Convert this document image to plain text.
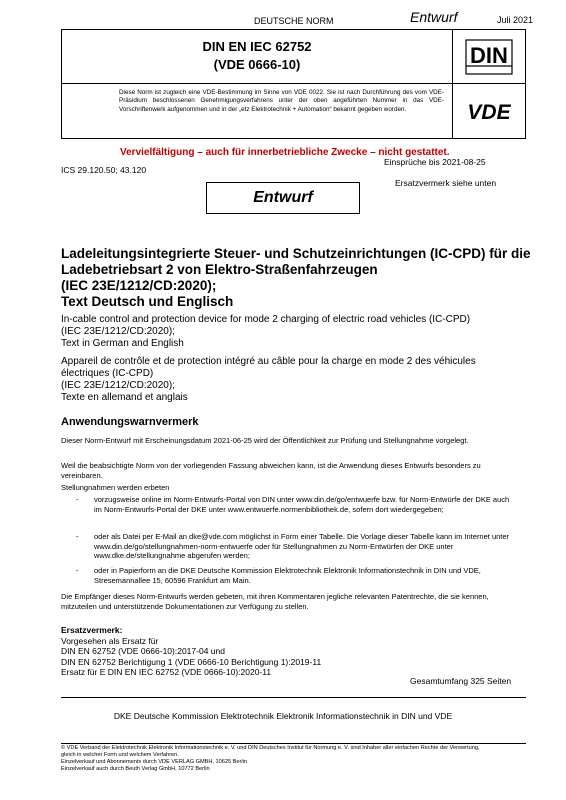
DEUTSCHE NORM	Entwurf	Juli 2021
DIN EN IEC 62752
(VDE 0666-10)	DIN
VDE
Diese Norm ist zugleich eine VDE-Bestimmung im Sinne von VDE 0022. Sie ist nach Durchführung des vom VDE-Präsidium beschlossenen Genehmigungsverfahrens unter der oben angeführten Nummer in das VDE-Vorschriftenwerk aufgenommen und in der „etz Elektrotechnik + Automation“ bekannt gegeben worden.
Vervielfältigung – auch für innerbetriebliche Zwecke – nicht gestattet.
Einsprüche bis 2021-08-25
ICS 29.120.50; 43.120
Ersatzvermerk siehe unten
Entwurf
Ladeleitungsintegrierte Steuer- und Schutzeinrichtungen (IC-CPD) für die
Ladebetriebsart 2 von Elektro-Straßenfahrzeugen
(IEC 23E/1212/CD:2020);
Text Deutsch und Englisch
In-cable control and protection device for mode 2 charging of electric road vehicles (IC-CPD)
(IEC 23E/1212/CD:2020);
Text in German and English
Appareil de contrôle et de protection intégré au câble pour la charge en mode 2 des véhicules
électriques (IC-CPD)
(IEC 23E/1212/CD:2020);
Texte en allemand et anglais
Anwendungswarnvermerk
Dieser Norm-Entwurf mit Erscheinungsdatum 2021-06-25 wird der Öffentlichkeit zur Prüfung und Stellungnahme vorgelegt.
Weil die beabsichtigte Norm von der vorliegenden Fassung abweichen kann, ist die Anwendung dieses Entwurfs besonders zu vereinbaren.
Stellungnahmen werden erbeten
- vorzugsweise online im Norm-Entwurfs-Portal von DIN unter www.din.de/go/entwuerfe bzw. für Norm-Entwürfe der DKE auch im Norm-Entwurfs-Portal der DKE unter www.entwuerfe.normenbibliothek.de, sofern dort wiedergegeben;
- oder als Datei per E-Mail an dke@vde.com möglichst in Form einer Tabelle. Die Vorlage dieser Tabelle kann im Internet unter www.din.de/go/stellungnahmen-norm-entwuerfe oder für Stellungnahmen zu Norm-Entwürfen der DKE unter www.dke.de/stellungnahme abgerufen werden;
- oder in Papierform an die DKE Deutsche Kommission Elektrotechnik Elektronik Informationstechnik in DIN und VDE, Stresemannallee 15, 60596 Frankfurt am Main.
Die Empfänger dieses Norm-Entwurfs werden gebeten, mit ihren Kommentaren jegliche relevanten Patentrechte, die sie kennen, mitzuteilen und unterstützende Dokumentationen zur Verfügung zu stellen.
Ersatzvermerk:
Vorgesehen als Ersatz für
DIN EN 62752 (VDE 0666-10):2017-04 und
DIN EN 62752 Berichtigung 1 (VDE 0666-10 Berichtigung 1):2019-11
Ersatz für E DIN EN IEC 62752 (VDE 0666-10):2020-11
Gesamtumfang 325 Seiten
DKE Deutsche Kommission Elektrotechnik Elektronik Informationstechnik in DIN und VDE
© VDE Verband der Elektrotechnik Elektronik Informationstechnik e. V. und DIN Deutsches Institut für Normung e. V. sind Inhaber aller einfachen Rechte der Verwertung,
gleich in welcher Form und welchem Verfahren.
Einzelverkauf und Abonnements durch VDE VERLAG GMBH, 10625 Berlin
Einzelverkauf auch durch Beuth Verlag GmbH, 10772 Berlin
